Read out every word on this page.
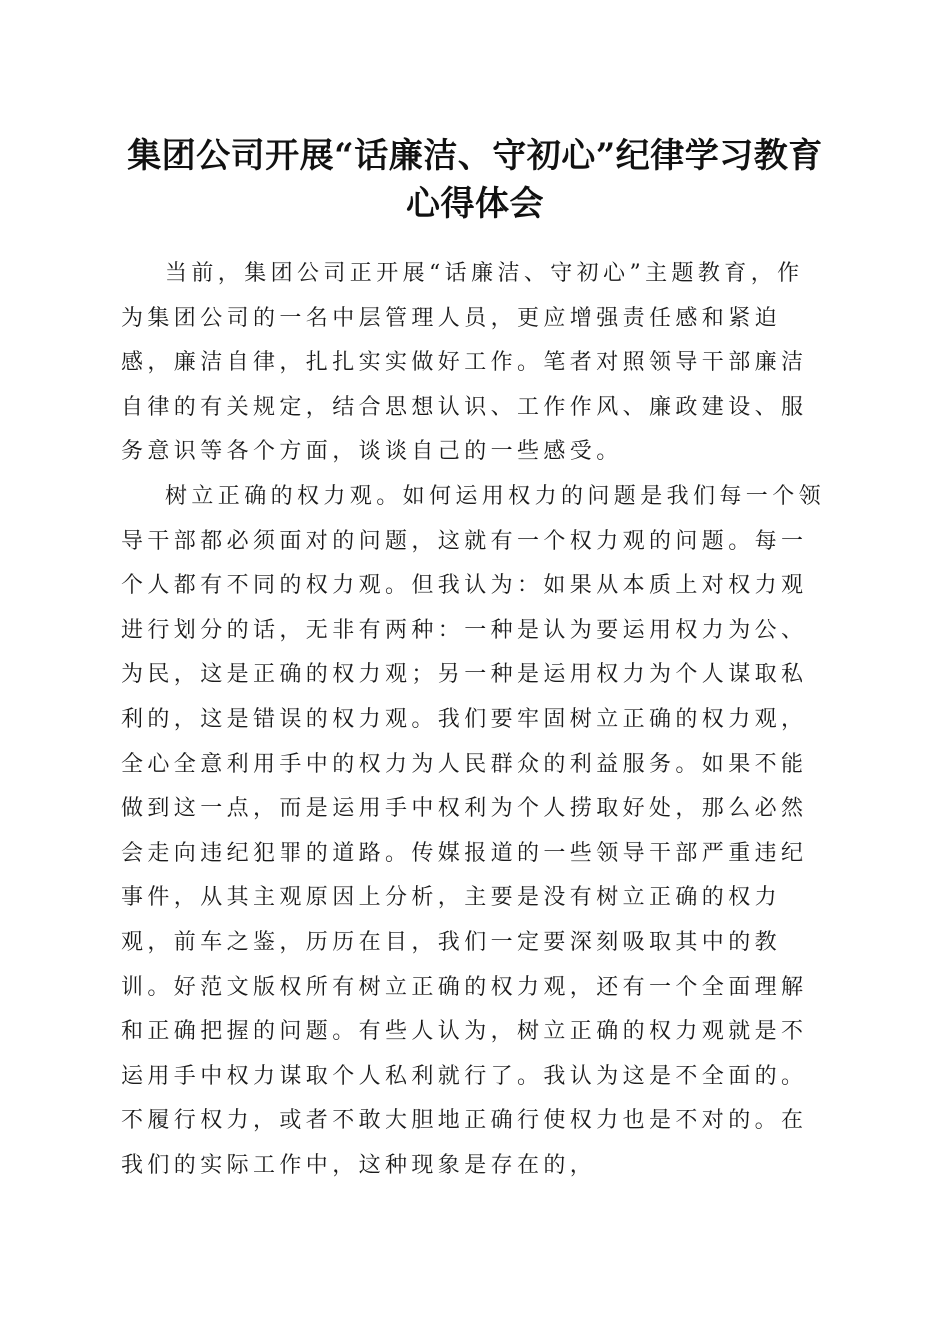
集团公司开展“话廉洁、守初心”纪律学习教育心得体会

当前，集团公司正开展“话廉洁、守初心”主题教育，作为集团公司的一名中层管理人员，更应增强责任感和紧迫感，廉洁自律，扎扎实实做好工作。笔者对照领导干部廉洁自律的有关规定，结合思想认识、工作作风、廉政建设、服务意识等各个方面，谈谈自己的一些感受。

树立正确的权力观。如何运用权力的问题是我们每一个领导干部都必须面对的问题，这就有一个权力观的问题。每一个人都有不同的权力观。但我认为：如果从本质上对权力观进行划分的话，无非有两种：一种是认为要运用权力为公、为民，这是正确的权力观；另一种是运用权力为个人谋取私利的，这是错误的权力观。我们要牢固树立正确的权力观，全心全意利用手中的权力为人民群众的利益服务。如果不能做到这一点，而是运用手中权利为个人捞取好处，那么必然会走向违纪犯罪的道路。传媒报道的一些领导干部严重违纪事件，从其主观原因上分析，主要是没有树立正确的权力观，前车之鉴，历历在目，我们一定要深刻吸取其中的教训。好范文版权所有树立正确的权力观，还有一个全面理解和正确把握的问题。有些人认为，树立正确的权力观就是不运用手中权力谋取个人私利就行了。我认为这是不全面的。不履行权力，或者不敢大胆地正确行使权力也是不对的。在我们的实际工作中，这种现象是存在的，
